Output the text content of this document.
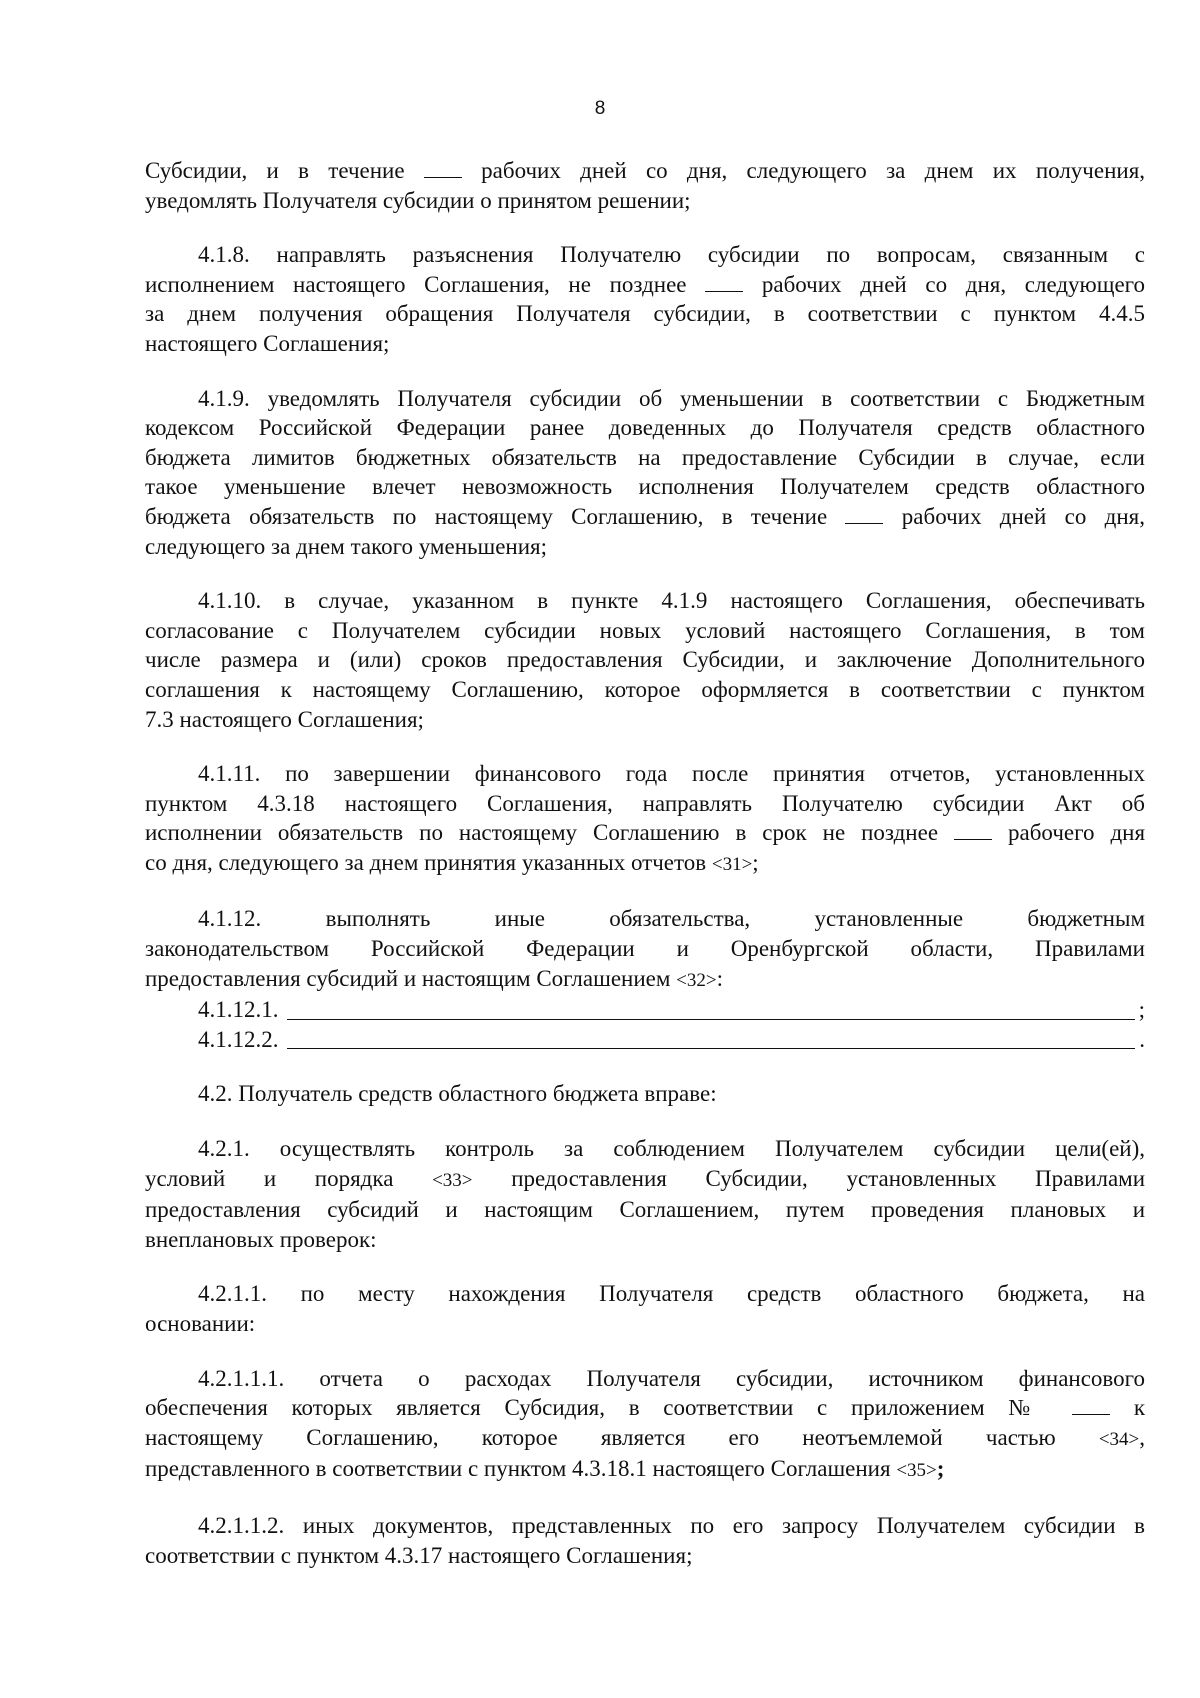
8
Субсидии, и в течение	рабочих дней со дня, следующего за днем их получения,
уведомлять Получателя субсидии о принятом решении;
4.1.8. направлять разъяснения Получателю субсидии по вопросам, связанным с
исполнением настоящего Соглашения, не позднее	рабочих дней со дня, следующего
за днем получения обращения Получателя субсидии, в соответствии с пунктом 4.4.5
настоящего Соглашения;
4.1.9. уведомлять Получателя субсидии об уменьшении в соответствии с Бюджетным
кодексом Российской Федерации ранее доведенных до Получателя средств областного
бюджета лимитов бюджетных обязательств на предоставление Субсидии в случае, если
такое уменьшение влечет невозможность исполнения Получателем средств областного
бюджета обязательств по настоящему Соглашению, в течение	рабочих дней со дня,
следующего за днем такого уменьшения;
4.1.10. в случае, указанном в пункте 4.1.9 настоящего Соглашения, обеспечивать
согласование с Получателем субсидии новых условий настоящего Соглашения, в том
числе размера и (или) сроков предоставления Субсидии, и заключение Дополнительного
соглашения к настоящему Соглашению, которое оформляется в соответствии с пунктом
7.3 настоящего Соглашения;
4.1.11. по завершении финансового года после принятия отчетов, установленных
пунктом 4.3.18 настоящего Соглашения, направлять Получателю субсидии Акт об
исполнении обязательств по настоящему Соглашению в срок не позднее	рабочего дня
со дня, следующего за днем принятия указанных отчетов <31>;
4.1.12. выполнять иные обязательства, установленные бюджетным
законодательством Российской Федерации и Оренбургской области, Правилами
предоставления субсидий и настоящим Соглашением <32>:
4.1.12.1.	;
4.1.12.2.	.
4.2. Получатель средств областного бюджета вправе:
4.2.1. осуществлять контроль за соблюдением Получателем субсидии цели(ей),
условий и порядка <33> предоставления Субсидии, установленных Правилами
предоставления субсидий и настоящим Соглашением, путем проведения плановых и
внеплановых проверок:
4.2.1.1. по месту нахождения Получателя средств областного бюджета, на
основании:
4.2.1.1.1. отчета о расходах Получателя субсидии, источником финансового
обеспечения которых является Субсидия, в соответствии с приложением №	к
настоящему Соглашению, которое является его неотъемлемой частью <34>,
представленного в соответствии с пунктом 4.3.18.1 настоящего Соглашения <35>;
4.2.1.1.2. иных документов, представленных по его запросу Получателем субсидии в
соответствии с пунктом 4.3.17 настоящего Соглашения;
